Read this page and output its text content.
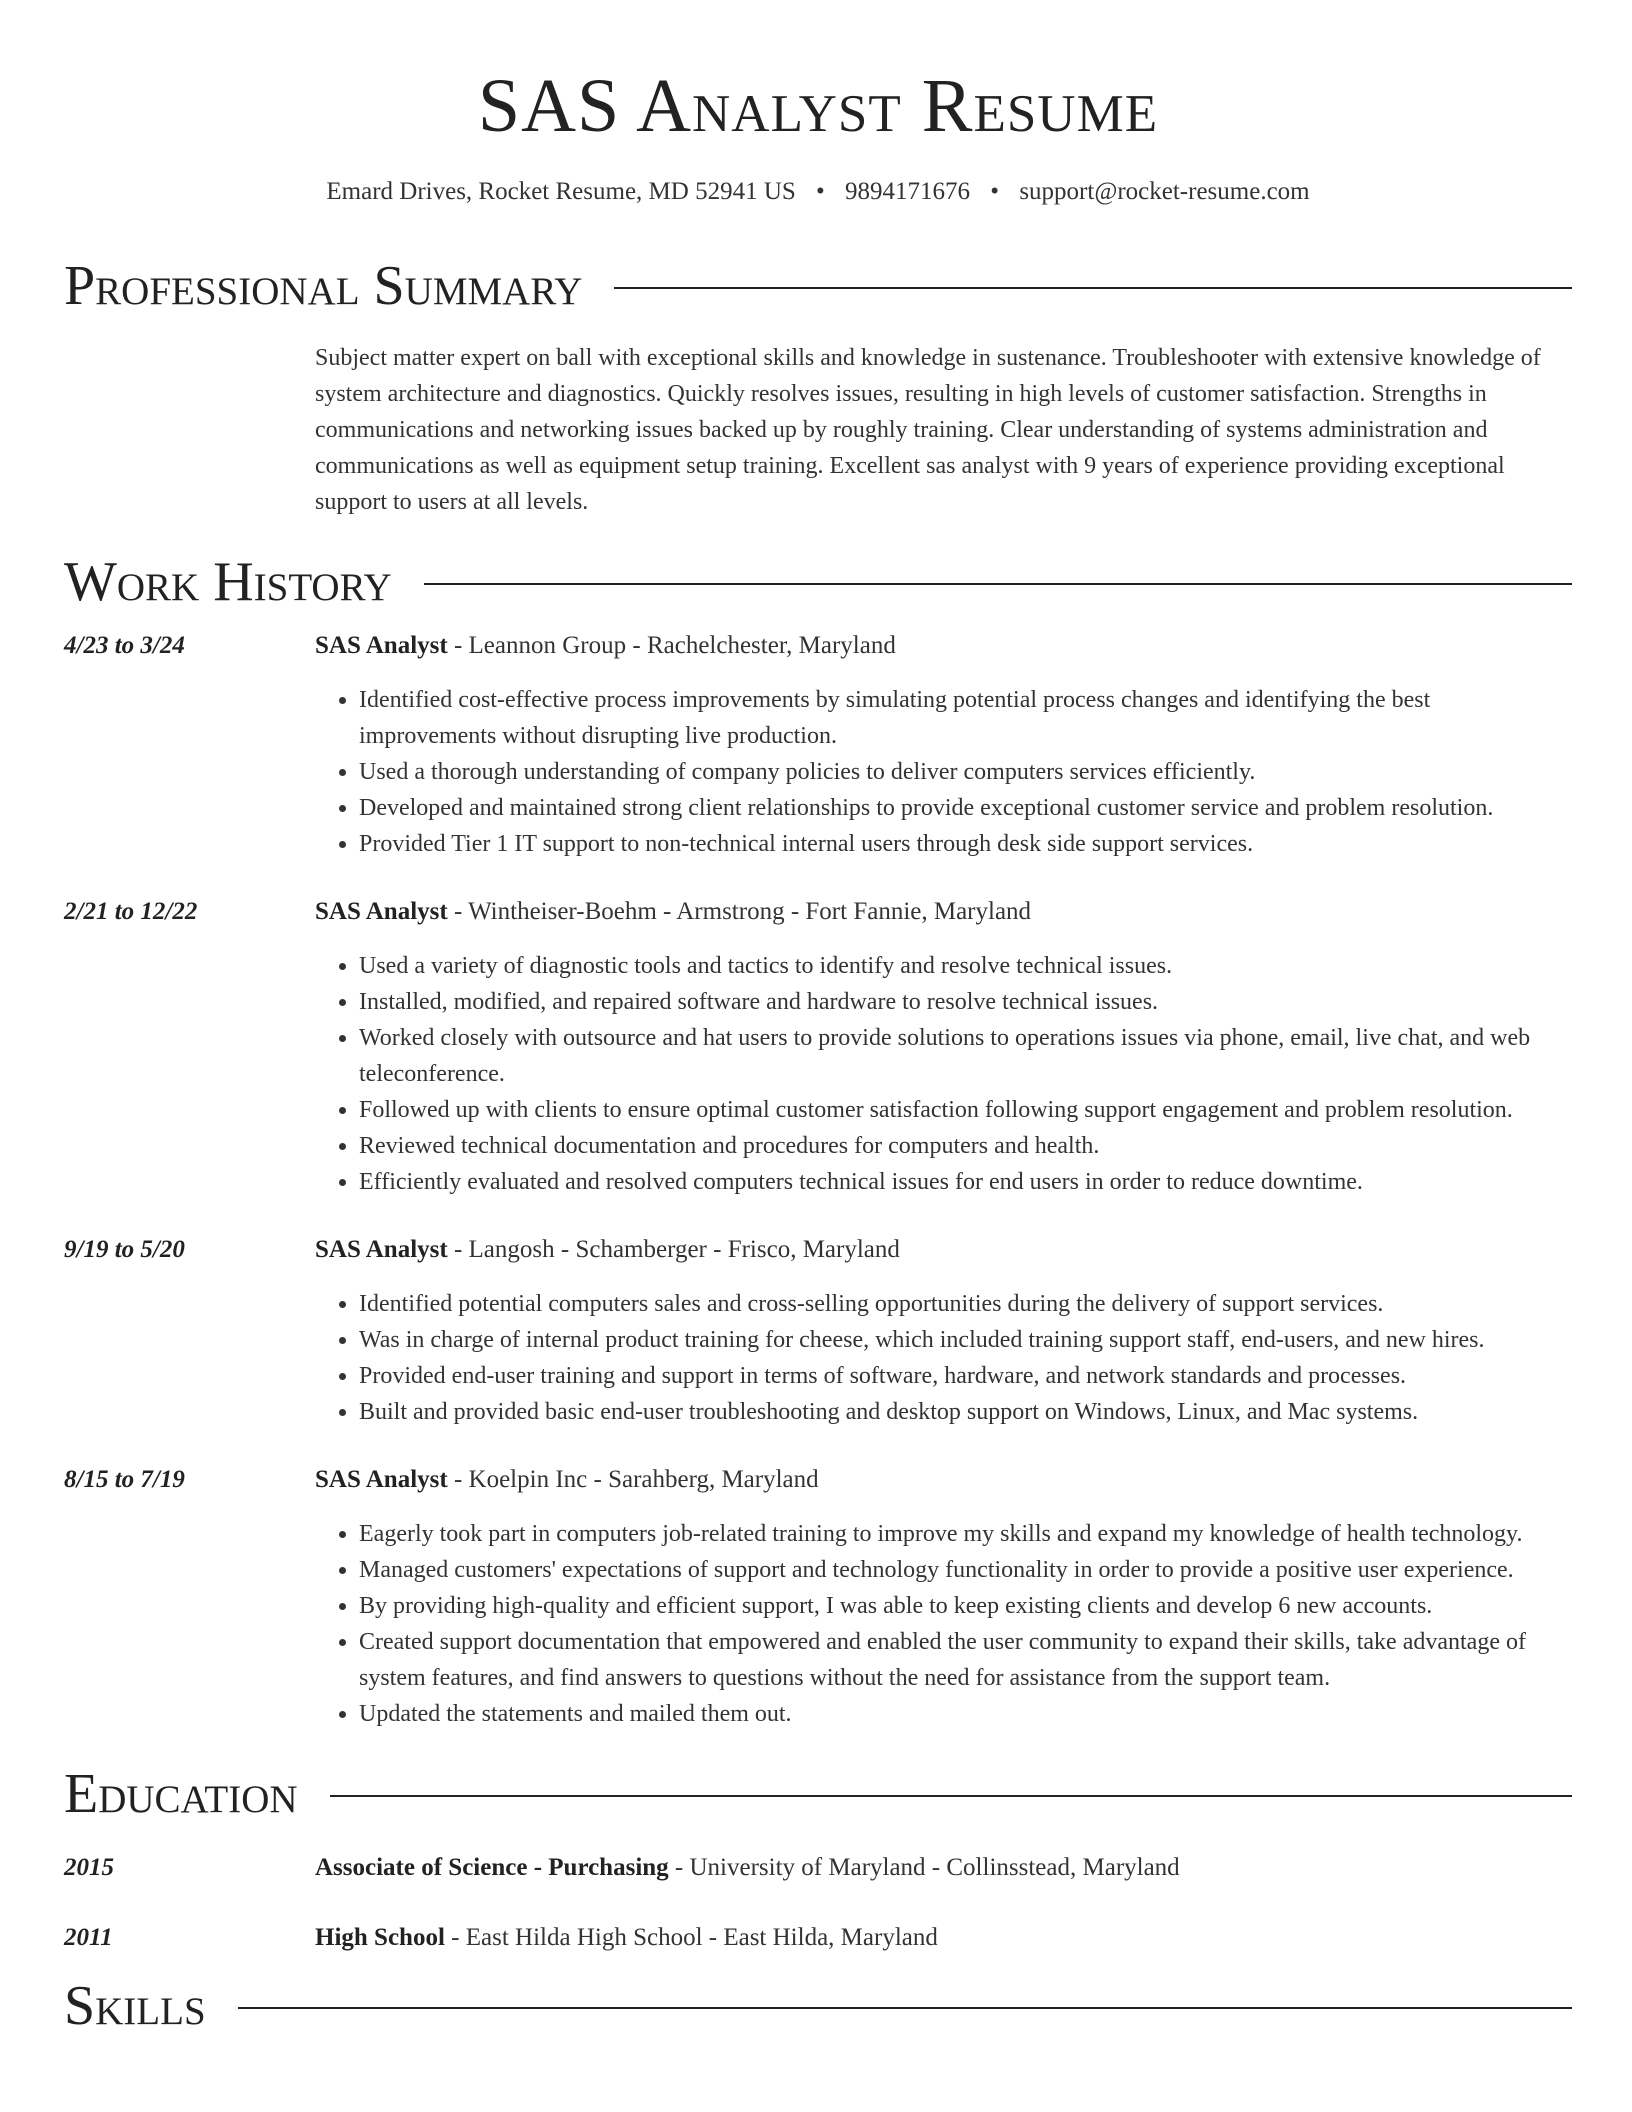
SAS Analyst Resume
Emard Drives, Rocket Resume, MD 52941 US • 9894171676 • support@rocket-resume.com
Professional Summary
Subject matter expert on ball with exceptional skills and knowledge in sustenance. Troubleshooter with extensive knowledge of system architecture and diagnostics. Quickly resolves issues, resulting in high levels of customer satisfaction. Strengths in communications and networking issues backed up by roughly training. Clear understanding of systems administration and communications as well as equipment setup training. Excellent sas analyst with 9 years of experience providing exceptional support to users at all levels.
Work History
4/23 to 3/24	SAS Analyst - Leannon Group - Rachelchester, Maryland
• Identified cost-effective process improvements by simulating potential process changes and identifying the best improvements without disrupting live production.
• Used a thorough understanding of company policies to deliver computers services efficiently.
• Developed and maintained strong client relationships to provide exceptional customer service and problem resolution.
• Provided Tier 1 IT support to non-technical internal users through desk side support services.
2/21 to 12/22	SAS Analyst - Wintheiser-Boehm - Armstrong - Fort Fannie, Maryland
• Used a variety of diagnostic tools and tactics to identify and resolve technical issues.
• Installed, modified, and repaired software and hardware to resolve technical issues.
• Worked closely with outsource and hat users to provide solutions to operations issues via phone, email, live chat, and web teleconference.
• Followed up with clients to ensure optimal customer satisfaction following support engagement and problem resolution.
• Reviewed technical documentation and procedures for computers and health.
• Efficiently evaluated and resolved computers technical issues for end users in order to reduce downtime.
9/19 to 5/20	SAS Analyst - Langosh - Schamberger - Frisco, Maryland
• Identified potential computers sales and cross-selling opportunities during the delivery of support services.
• Was in charge of internal product training for cheese, which included training support staff, end-users, and new hires.
• Provided end-user training and support in terms of software, hardware, and network standards and processes.
• Built and provided basic end-user troubleshooting and desktop support on Windows, Linux, and Mac systems.
8/15 to 7/19	SAS Analyst - Koelpin Inc - Sarahberg, Maryland
• Eagerly took part in computers job-related training to improve my skills and expand my knowledge of health technology.
• Managed customers' expectations of support and technology functionality in order to provide a positive user experience.
• By providing high-quality and efficient support, I was able to keep existing clients and develop 6 new accounts.
• Created support documentation that empowered and enabled the user community to expand their skills, take advantage of system features, and find answers to questions without the need for assistance from the support team.
• Updated the statements and mailed them out.
Education
2015	Associate of Science - Purchasing - University of Maryland - Collinsstead, Maryland
2011	High School - East Hilda High School - East Hilda, Maryland
Skills
